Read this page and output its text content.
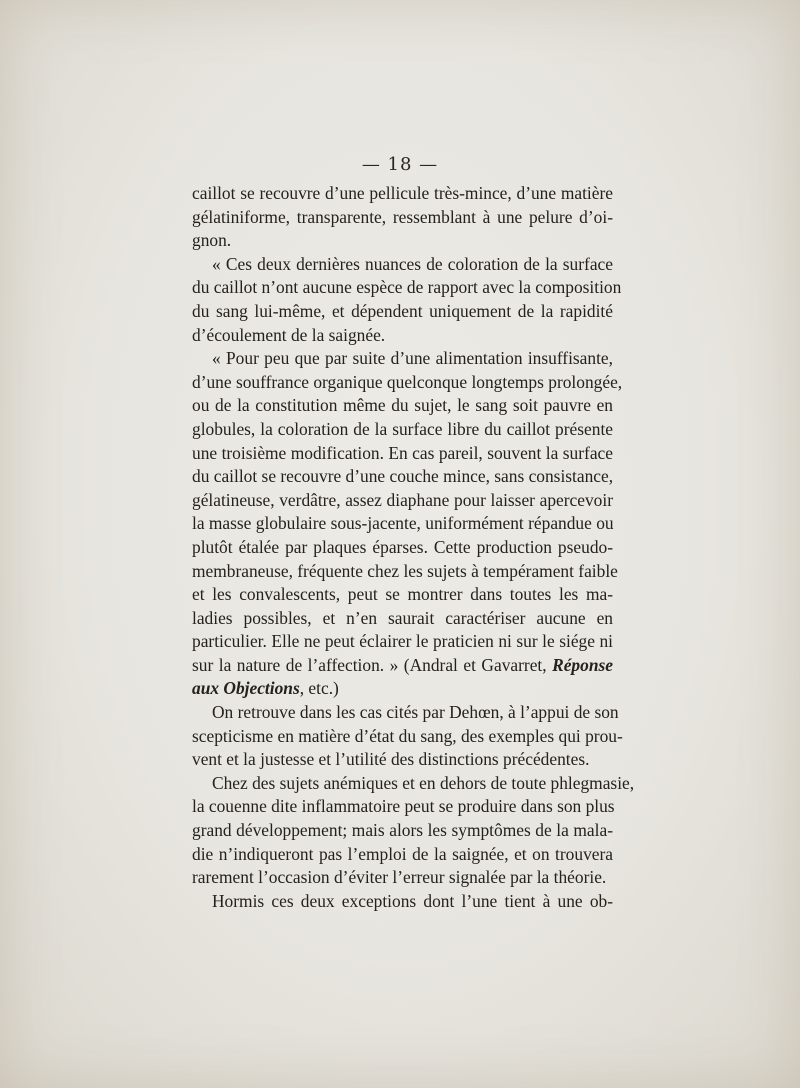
— 18 —
caillot se recouvre d’une pellicule très-mince, d’une matière
gélatiniforme, transparente, ressemblant à une pelure d’oi-
gnon.
« Ces deux dernières nuances de coloration de la surface
du caillot n’ont aucune espèce de rapport avec la composition
du sang lui-même, et dépendent uniquement de la rapidité
d’écoulement de la saignée.
« Pour peu que par suite d’une alimentation insuffisante,
d’une souffrance organique quelconque longtemps prolongée,
ou de la constitution même du sujet, le sang soit pauvre en
globules, la coloration de la surface libre du caillot présente
une troisième modification. En cas pareil, souvent la surface
du caillot se recouvre d’une couche mince, sans consistance,
gélatineuse, verdâtre, assez diaphane pour laisser apercevoir
la masse globulaire sous-jacente, uniformément répandue ou
plutôt étalée par plaques éparses. Cette production pseudo-
membraneuse, fréquente chez les sujets à tempérament faible
et les convalescents, peut se montrer dans toutes les ma-
ladies possibles, et n’en saurait caractériser aucune en
particulier. Elle ne peut éclairer le praticien ni sur le siége ni
sur la nature de l’affection. » (Andral et Gavarret, Réponse
aux Objections, etc.)
On retrouve dans les cas cités par Dehœn, à l’appui de son
scepticisme en matière d’état du sang, des exemples qui prou-
vent et la justesse et l’utilité des distinctions précédentes.
Chez des sujets anémiques et en dehors de toute phlegmasie,
la couenne dite inflammatoire peut se produire dans son plus
grand développement; mais alors les symptômes de la mala-
die n’indiqueront pas l’emploi de la saignée, et on trouvera
rarement l’occasion d’éviter l’erreur signalée par la théorie.
Hormis ces deux exceptions dont l’une tient à une ob-
